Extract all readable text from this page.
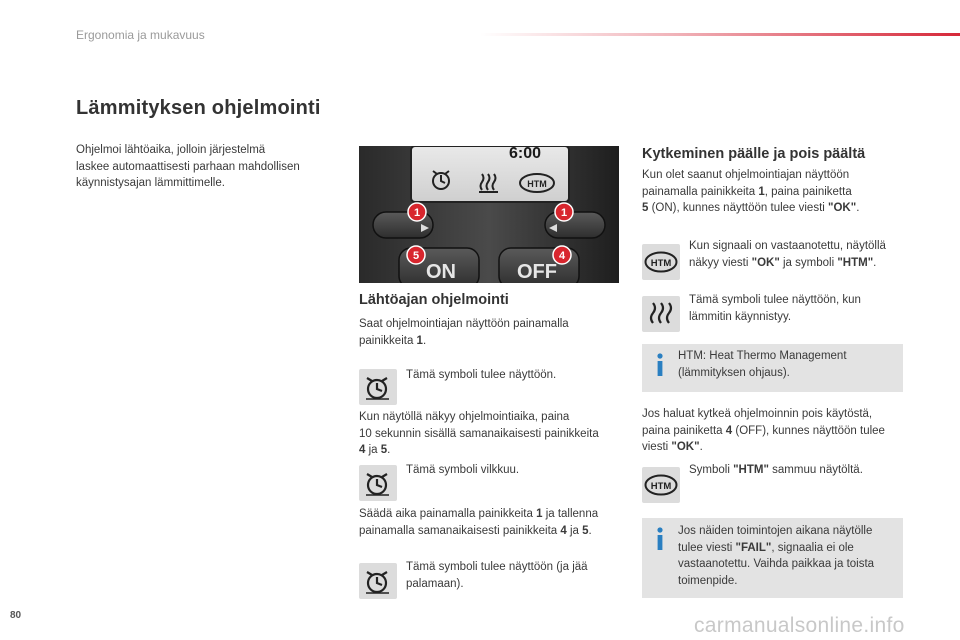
Ergonomia ja mukavuus
Lämmityksen ohjelmointi
Ohjelmoi lähtöaika, jolloin järjestelmä
laskee automaattisesti parhaan mahdollisen
käynnistysajan lämmittimelle.
6:00
HTM
ON	OFF
1	1
5	4
Lähtöajan ohjelmointi
Saat ohjelmointiajan näyttöön painamalla
painikkeita 1.
Tämä symboli tulee näyttöön.
Kun näytöllä näkyy ohjelmointiaika, paina
10 sekunnin sisällä samanaikaisesti painikkeita
4 ja 5.
Tämä symboli vilkkuu.
Säädä aika painamalla painikkeita 1 ja tallenna
painamalla samanaikaisesti painikkeita 4 ja 5.
Tämä symboli tulee näyttöön (ja jää
palamaan).
Kytkeminen päälle ja pois päältä
Kun olet saanut ohjelmointiajan näyttöön
painamalla painikkeita 1, paina painiketta
5 (ON), kunnes näyttöön tulee viesti "OK".
HTM
Kun signaali on vastaanotettu, näytöllä
näkyy viesti "OK" ja symboli "HTM".
Tämä symboli tulee näyttöön, kun
lämmitin käynnistyy.
HTM: Heat Thermo Management
(lämmityksen ohjaus).
Jos haluat kytkeä ohjelmoinnin pois käytöstä,
paina painiketta 4 (OFF), kunnes näyttöön tulee
viesti "OK".
HTM
Symboli "HTM" sammuu näytöltä.
Jos näiden toimintojen aikana näytölle
tulee viesti "FAIL", signaalia ei ole
vastaanotettu. Vaihda paikkaa ja toista
toimenpide.
80	carmanualsonline.info
